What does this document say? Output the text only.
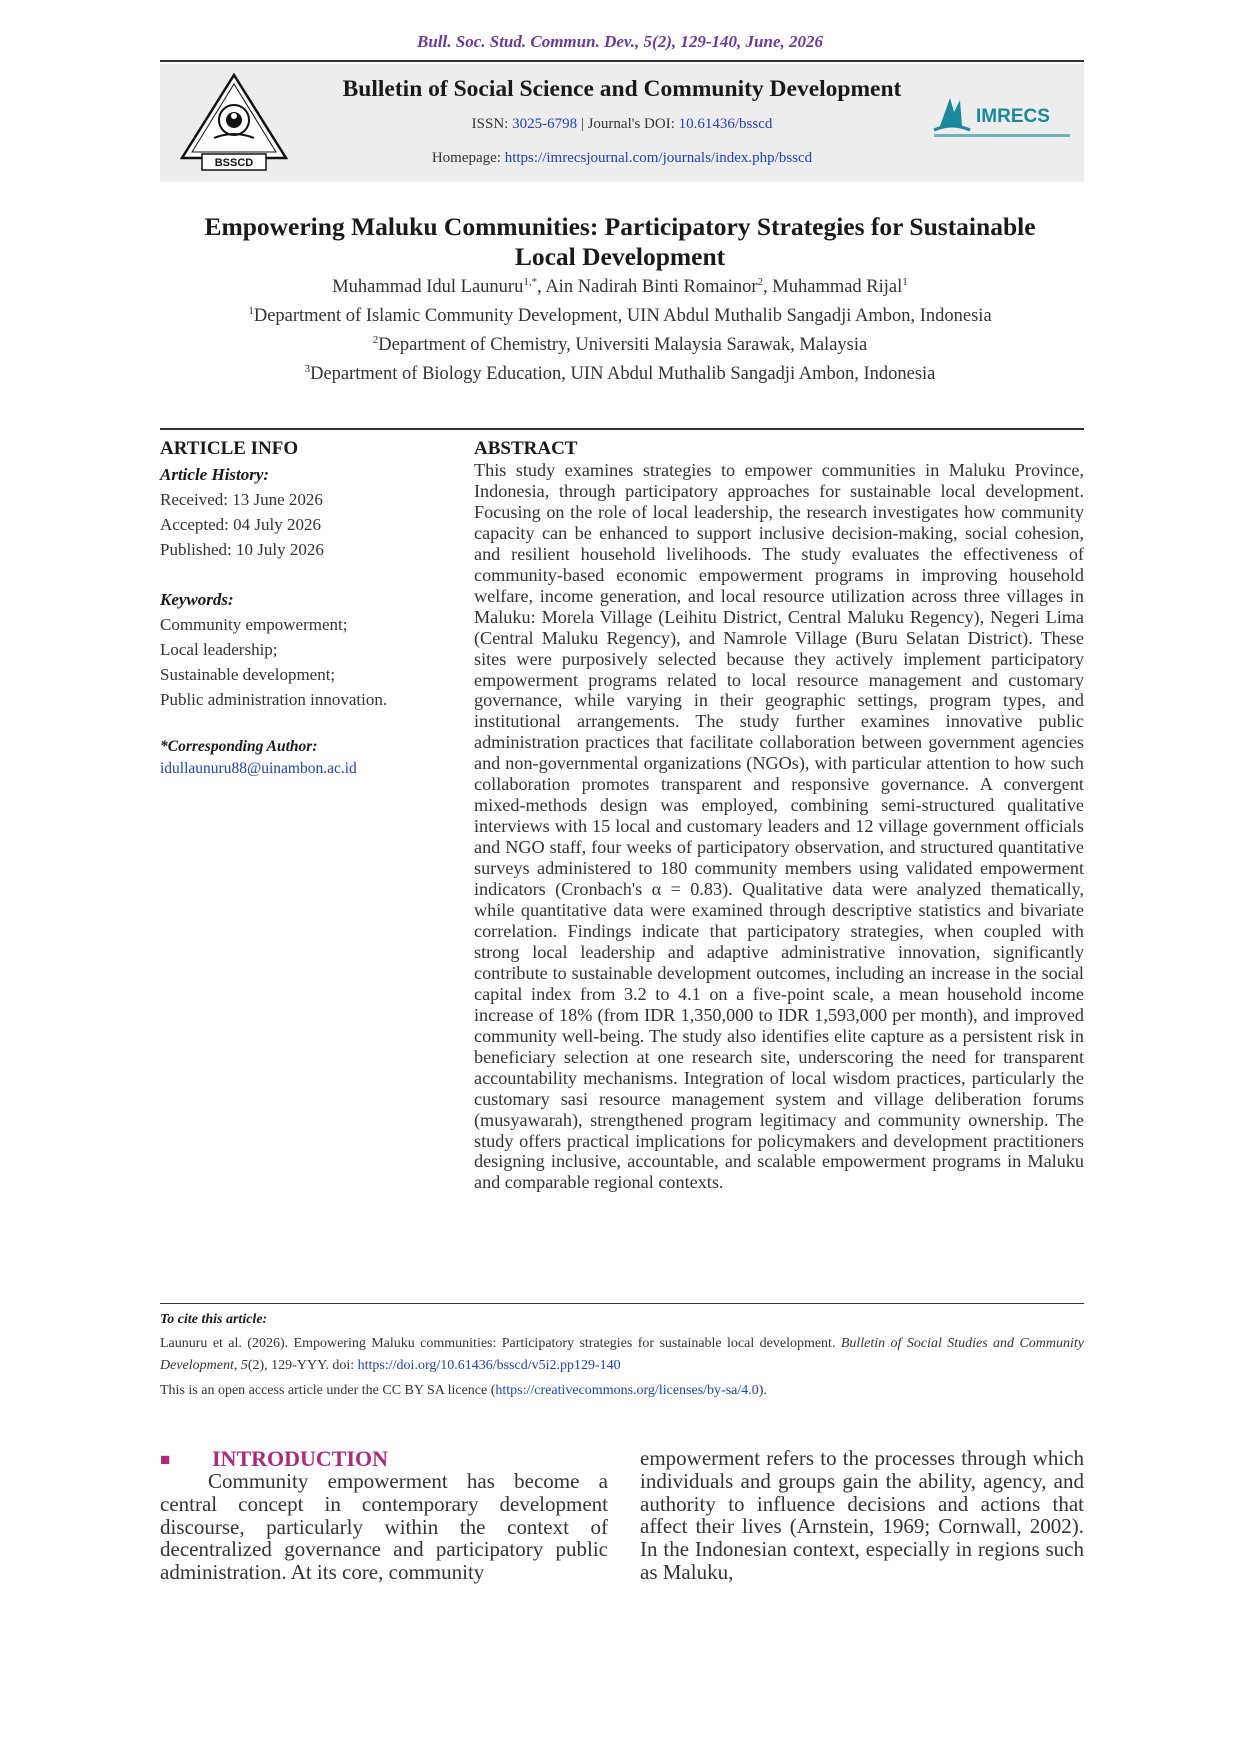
Bull. Soc. Stud. Commun. Dev., 5(2), 129-140, June, 2026
BSSCD
Bulletin of Social Science and Community Development
ISSN: 3025-6798 | Journal's DOI: 10.61436/bsscd
Homepage: https://imrecsjournal.com/journals/index.php/bsscd
IMRECS
Empowering Maluku Communities: Participatory Strategies for Sustainable
Local Development
Muhammad Idul Launuru$^{1,*}$, Ain Nadirah Binti Romainor$^2$, Muhammad Rijal$^1$
$^1$Department of Islamic Community Development, UIN Abdul Muthalib Sangadji Ambon, Indonesia
$^2$Department of Chemistry, Universiti Malaysia Sarawak, Malaysia
$^3$Department of Biology Education, UIN Abdul Muthalib Sangadji Ambon, Indonesia
ARTICLE INFO
Article History:
Received: 13 June 2026
Accepted: 04 July 2026
Published: 10 July 2026
Keywords:
Community empowerment;
Local leadership;
Sustainable development;
Public administration innovation.
*Corresponding Author:
idullaunuru88@uinambon.ac.id
ABSTRACT
This study examines strategies to empower communities in Maluku Province, Indonesia, through participatory approaches for sustainable local development. Focusing on the role of local leadership, the research investigates how community capacity can be enhanced to support inclusive decision-making, social cohesion, and resilient household livelihoods. The study evaluates the effectiveness of community-based economic empowerment programs in improving household welfare, income generation, and local resource utilization across three villages in Maluku: Morela Village (Leihitu District, Central Maluku Regency), Negeri Lima (Central Maluku Regency), and Namrole Village (Buru Selatan District). These sites were purposively selected because they actively implement participatory empowerment programs related to local resource management and customary governance, while varying in their geographic settings, program types, and institutional arrangements. The study further examines innovative public administration practices that facilitate collaboration between government agencies and non-governmental organizations (NGOs), with particular attention to how such collaboration promotes transparent and responsive governance. A convergent mixed-methods design was employed, combining semi-structured qualitative interviews with 15 local and customary leaders and 12 village government officials and NGO staff, four weeks of participatory observation, and structured quantitative surveys administered to 180 community members using validated empowerment indicators (Cronbach's α = 0.83). Qualitative data were analyzed thematically, while quantitative data were examined through descriptive statistics and bivariate correlation. Findings indicate that participatory strategies, when coupled with strong local leadership and adaptive administrative innovation, significantly contribute to sustainable development outcomes, including an increase in the social capital index from 3.2 to 4.1 on a five-point scale, a mean household income increase of 18% (from IDR 1,350,000 to IDR 1,593,000 per month), and improved community well-being. The study also identifies elite capture as a persistent risk in beneficiary selection at one research site, underscoring the need for transparent accountability mechanisms. Integration of local wisdom practices, particularly the customary sasi resource management system and village deliberation forums (musyawarah), strengthened program legitimacy and community ownership. The study offers practical implications for policymakers and development practitioners designing inclusive, accountable, and scalable empowerment programs in Maluku and comparable regional contexts.
To cite this article:
Launuru et al. (2026). Empowering Maluku communities: Participatory strategies for sustainable local development. Bulletin of Social Studies and Community Development, 5(2), 129-YYY. doi: https://doi.org/10.61436/bsscd/v5i2.pp129-140
This is an open access article under the CC BY SA licence (https://creativecommons.org/licenses/by-sa/4.0).
■ INTRODUCTION
Community empowerment has become a central concept in contemporary development discourse, particularly within the context of decentralized governance and participatory public administration. At its core, community
empowerment refers to the processes through which individuals and groups gain the ability, agency, and authority to influence decisions and actions that affect their lives (Arnstein, 1969; Cornwall, 2002). In the Indonesian context, especially in regions such as Maluku,
